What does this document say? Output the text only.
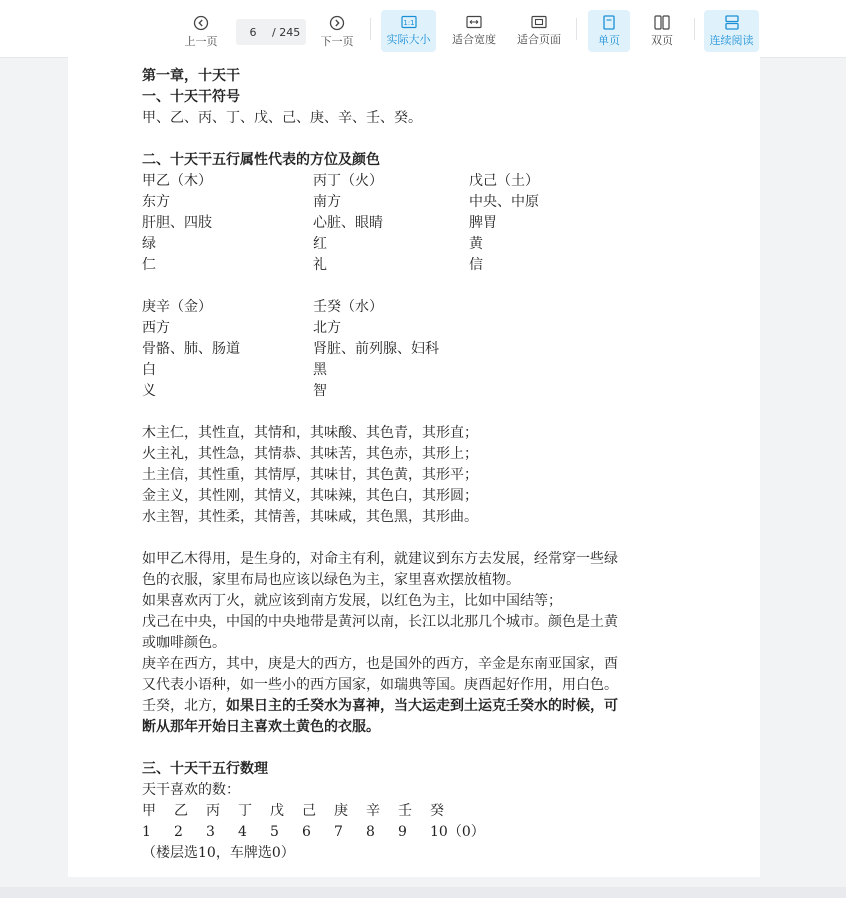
上一页
6	/ 245
下一页
1:1
实际大小 适合宽度 适合页面	单页	双页	连续阅读
第一章，十天干
一、十天干符号
甲、乙、丙、丁、戊、己、庚、辛、壬、癸。
二、十天干五行属性代表的方位及颜色
甲乙（木）	丙丁（火）	戊己（土）
东方	南方	中央、中原
肝胆、四肢	心脏、眼睛	脾胃
绿	红	黄
仁	礼	信
庚辛（金）	壬癸（水）
西方	北方
骨骼、肺、肠道	肾脏、前列腺、妇科
白	黑
义	智
木主仁，其性直，其情和，其味酸、其色青，其形直；
火主礼，其性急，其情恭、其味苦，其色赤，其形上；
土主信，其性重，其情厚，其味甘，其色黄，其形平；
金主义，其性刚，其情义，其味辣，其色白，其形圆；
水主智，其性柔，其情善，其味咸，其色黑，其形曲。
如甲乙木得用，是生身的，对命主有利，就建议到东方去发展，经常穿一些绿
色的衣服，家里布局也应该以绿色为主，家里喜欢摆放植物。
如果喜欢丙丁火，就应该到南方发展，以红色为主，比如中国结等；
戊己在中央，中国的中央地带是黄河以南，长江以北那几个城市。颜色是土黄
或咖啡颜色。
庚辛在西方，其中，庚是大的西方，也是国外的西方，辛金是东南亚国家，酉
又代表小语种，如一些小的西方国家，如瑞典等国。庚酉起好作用，用白色。
壬癸，北方，如果日主的壬癸水为喜神，当大运走到土运克壬癸水的时候，可
断从那年开始日主喜欢土黄色的衣服。
三、十天干五行数理
天干喜欢的数：
甲	乙	丙	丁	戊	己	庚	辛	壬	癸
1	2	3	4	5	6	7	8	9	10（0）
（楼层选10，车牌选0）
